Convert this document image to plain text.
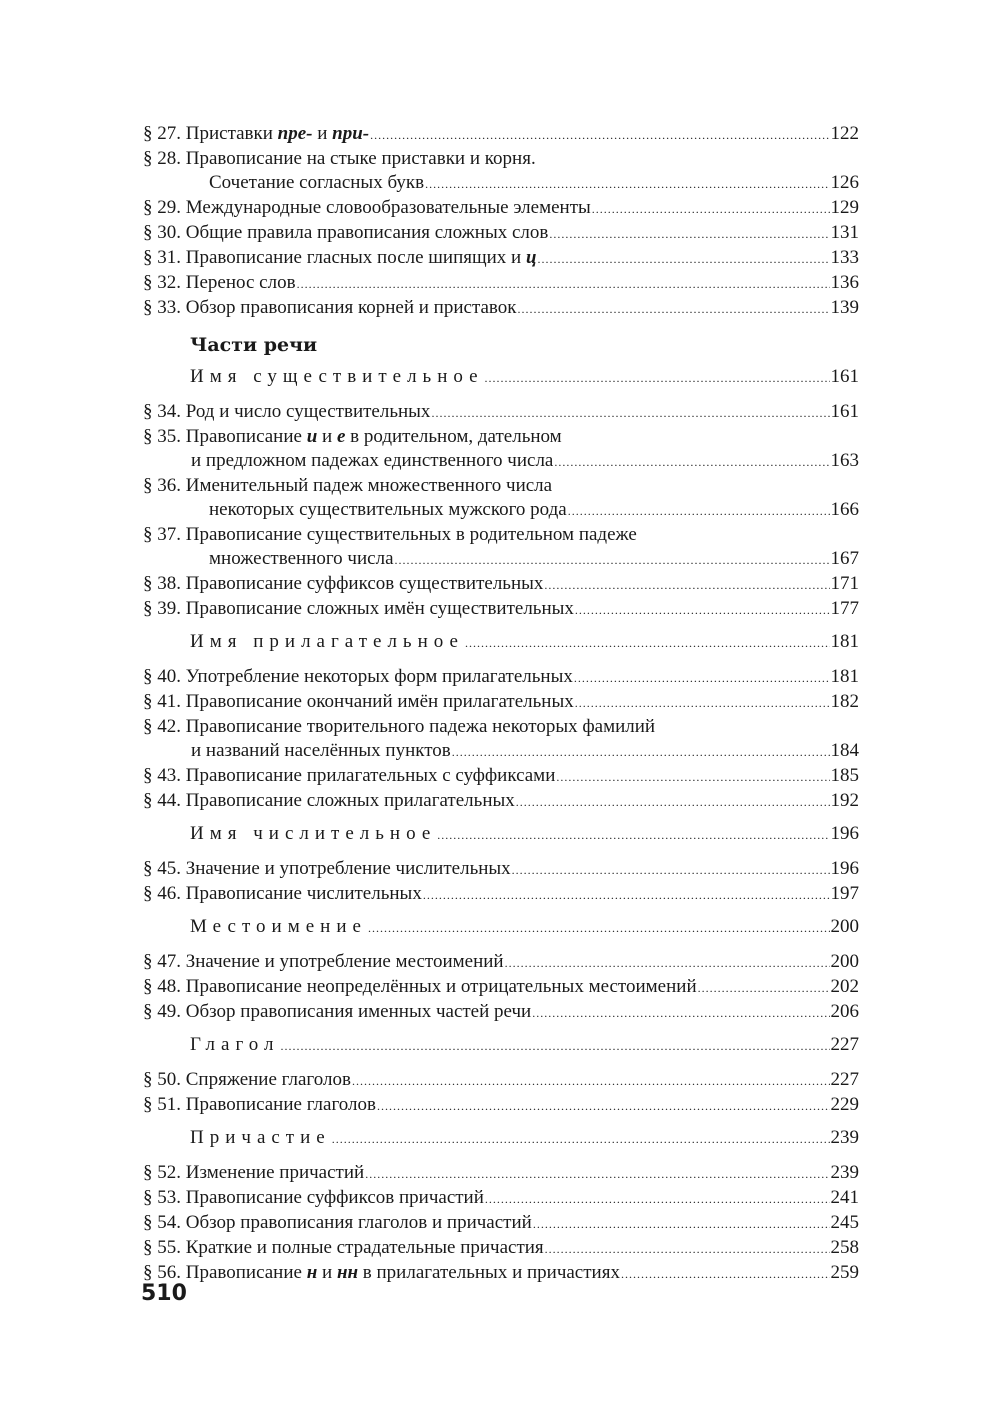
§ 27. Приставки пре- и при- .....	122
§ 28. Правописание на стыке приставки и корня.
Сочетание согласных букв .....	126
§ 29. Международные словообразовательные элементы .....	129
§ 30. Общие правила правописания сложных слов .....	131
§ 31. Правописание гласных после шипящих и ц .....	133
§ 32. Перенос слов .....	136
§ 33. Обзор правописания корней и приставок .....	139
Части речи
Имя существительное .....	161
§ 34. Род и число существительных .....	161
§ 35. Правописание и и е в родительном, дательном
и предложном падежах единственного числа .....	163
§ 36. Именительный падеж множественного числа
некоторых существительных мужского рода .....	166
§ 37. Правописание существительных в родительном падеже
множественного числа .....	167
§ 38. Правописание суффиксов существительных .....	171
§ 39. Правописание сложных имён существительных .....	177
Имя прилагательное .....	181
§ 40. Употребление некоторых форм прилагательных .....	181
§ 41. Правописание окончаний имён прилагательных .....	182
§ 42. Правописание творительного падежа некоторых фамилий
и названий населённых пунктов .....	184
§ 43. Правописание прилагательных с суффиксами .....	185
§ 44. Правописание сложных прилагательных .....	192
Имя числительное .....	196
§ 45. Значение и употребление числительных .....	196
§ 46. Правописание числительных .....	197
Местоимение .....	200
§ 47. Значение и употребление местоимений .....	200
§ 48. Правописание неопределённых и отрицательных местоимений .....	202
§ 49. Обзор правописания именных частей речи .....	206
Глагол .....	227
§ 50. Спряжение глаголов .....	227
§ 51. Правописание глаголов .....	229
Причастие .....	239
§ 52. Изменение причастий .....	239
§ 53. Правописание суффиксов причастий .....	241
§ 54. Обзор правописания глаголов и причастий .....	245
§ 55. Краткие и полные страдательные причастия .....	258
§ 56. Правописание н и нн в прилагательных и причастиях .....	259
510
